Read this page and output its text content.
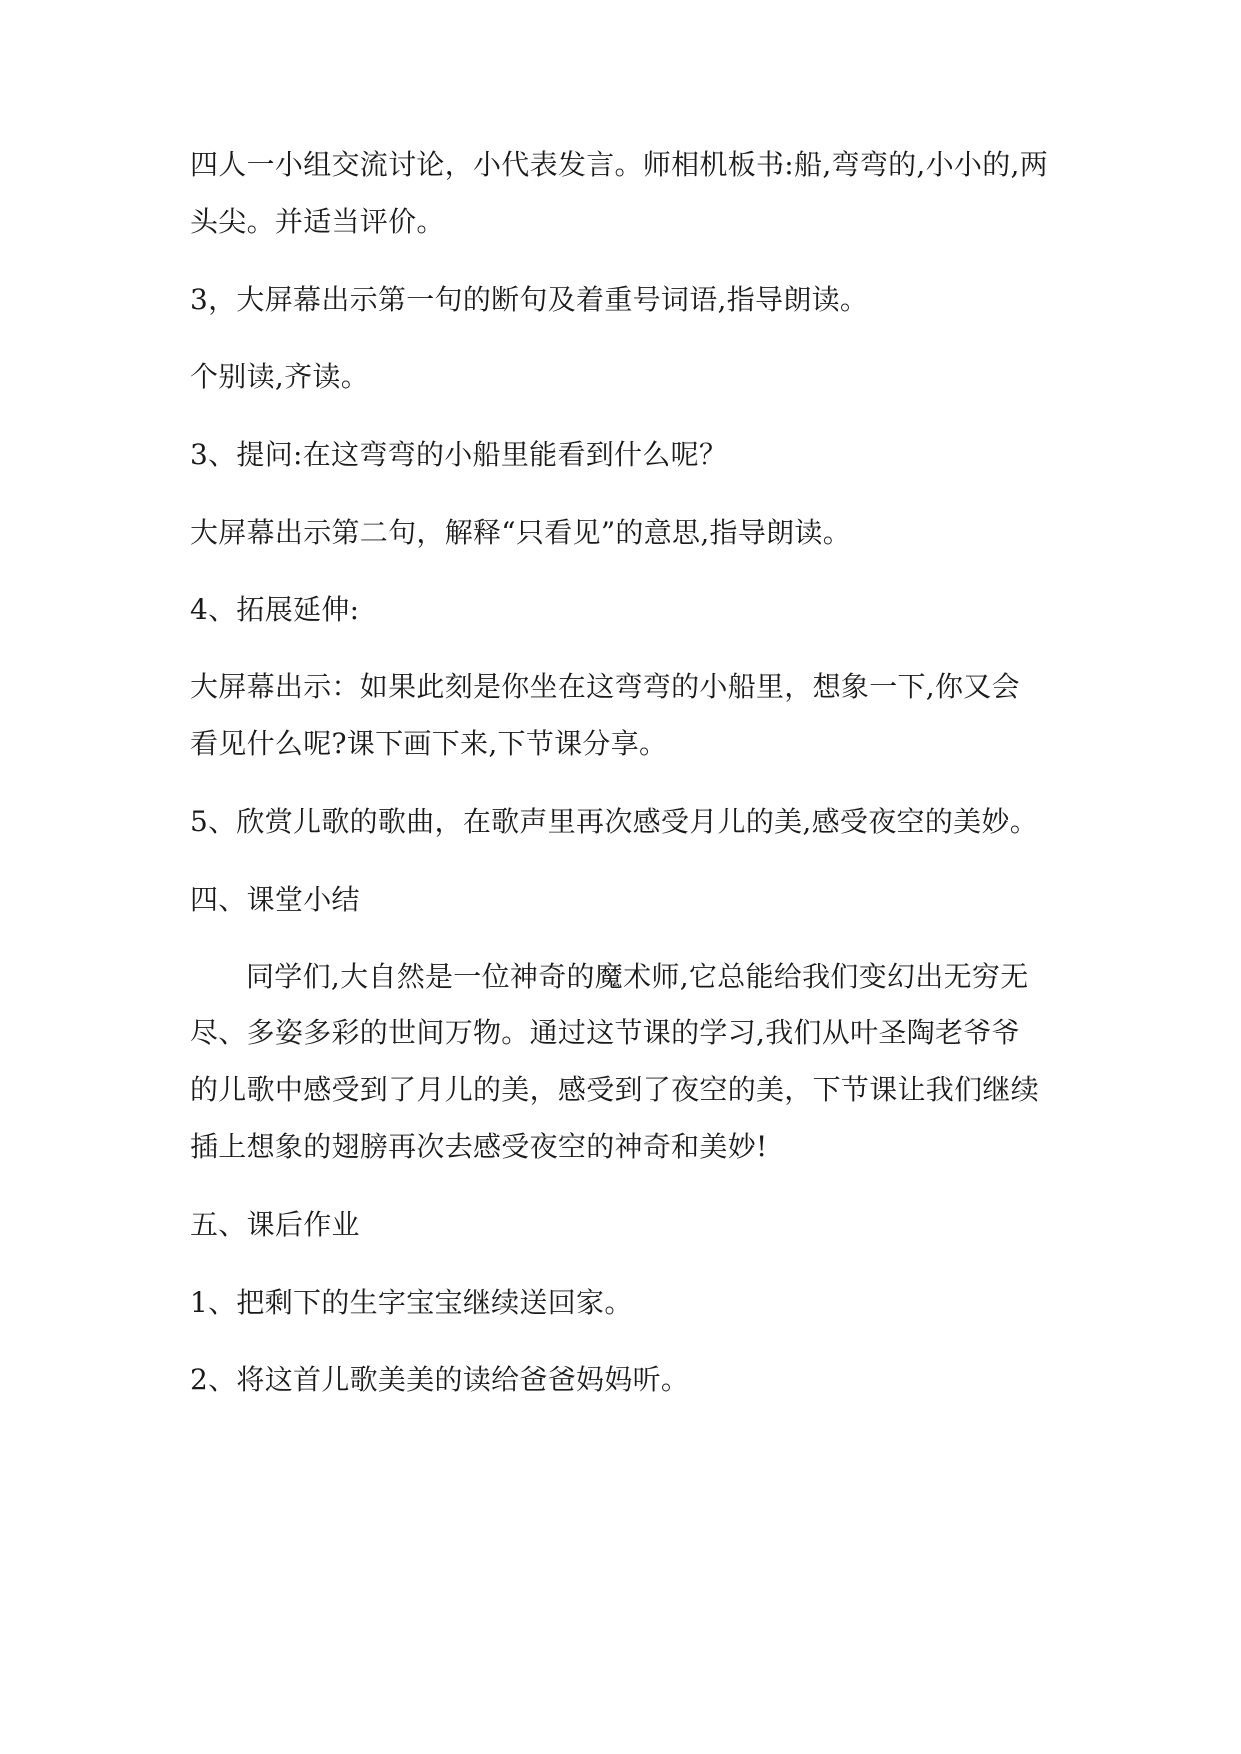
四人一小组交流讨论，小代表发言。师相机板书:船,弯弯的,小小的,两
头尖。并适当评价。
3，大屏幕出示第一句的断句及着重号词语,指导朗读。
个别读,齐读。
3、提问:在这弯弯的小船里能看到什么呢？
大屏幕出示第二句，解释“只看见”的意思,指导朗读。
4、拓展延伸:
大屏幕出示：如果此刻是你坐在这弯弯的小船里，想象一下,你又会
看见什么呢?课下画下来,下节课分享。
5、欣赏儿歌的歌曲，在歌声里再次感受月儿的美,感受夜空的美妙。
四、课堂小结
同学们,大自然是一位神奇的魔术师,它总能给我们变幻出无穷无
尽、多姿多彩的世间万物。通过这节课的学习,我们从叶圣陶老爷爷
的儿歌中感受到了月儿的美，感受到了夜空的美，下节课让我们继续
插上想象的翅膀再次去感受夜空的神奇和美妙!
五、课后作业
1、把剩下的生字宝宝继续送回家。
2、将这首儿歌美美的读给爸爸妈妈听。
